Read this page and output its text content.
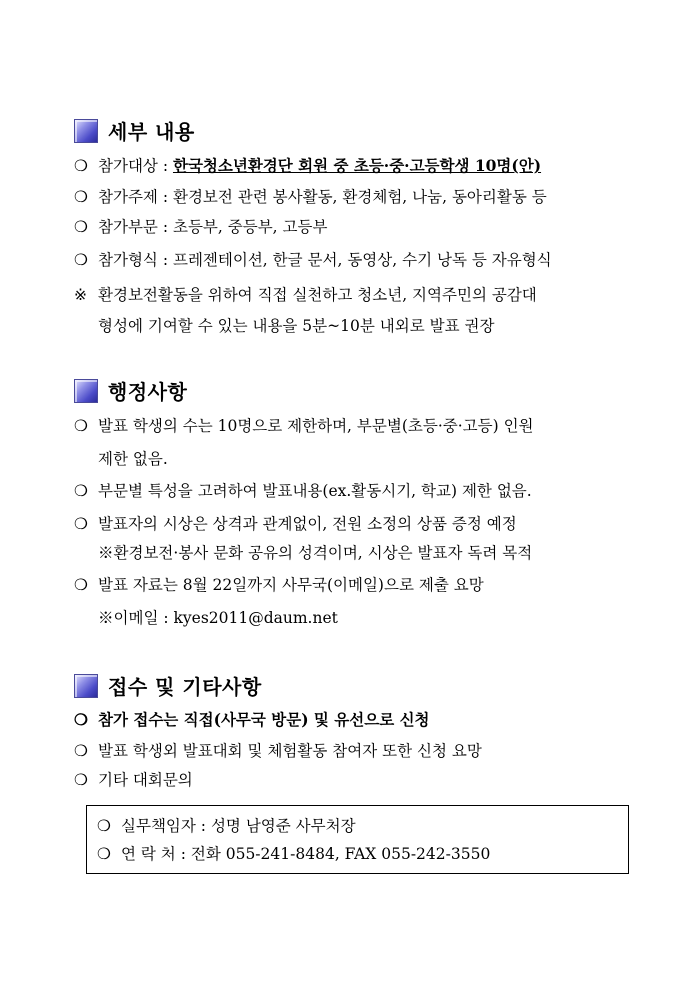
세부 내용
❍ 참가대상 : 한국청소년환경단 회원 중 초등·중·고등학생 10명(안)
❍ 참가주제 : 환경보전 관련 봉사활동, 환경체험, 나눔, 동아리활동 등
❍ 참가부문 : 초등부, 중등부, 고등부
❍ 참가형식 : 프레젠테이션, 한글 문서, 동영상, 수기 낭독 등 자유형식
※ 환경보전활동을 위하여 직접 실천하고 청소년, 지역주민의 공감대
형성에 기여할 수 있는 내용을 5분~10분 내외로 발표 권장
행정사항
❍ 발표 학생의 수는 10명으로 제한하며, 부문별(초등·중·고등) 인원
제한 없음.
❍ 부문별 특성을 고려하여 발표내용(ex.활동시기, 학교) 제한 없음.
❍ 발표자의 시상은 상격과 관계없이, 전원 소정의 상품 증정 예정
※환경보전·봉사 문화 공유의 성격이며, 시상은 발표자 독려 목적
❍ 발표 자료는 8월 22일까지 사무국(이메일)으로 제출 요망
※이메일 : kyes2011@daum.net
접수 및 기타사항
❍ 참가 접수는 직접(사무국 방문) 및 유선으로 신청
❍ 발표 학생외 발표대회 및 체험활동 참여자 또한 신청 요망
❍ 기타 대회문의
❍ 실무책임자 : 성명 남영준 사무처장
❍ 연 락 처 : 전화 055-241-8484, FAX 055-242-3550
